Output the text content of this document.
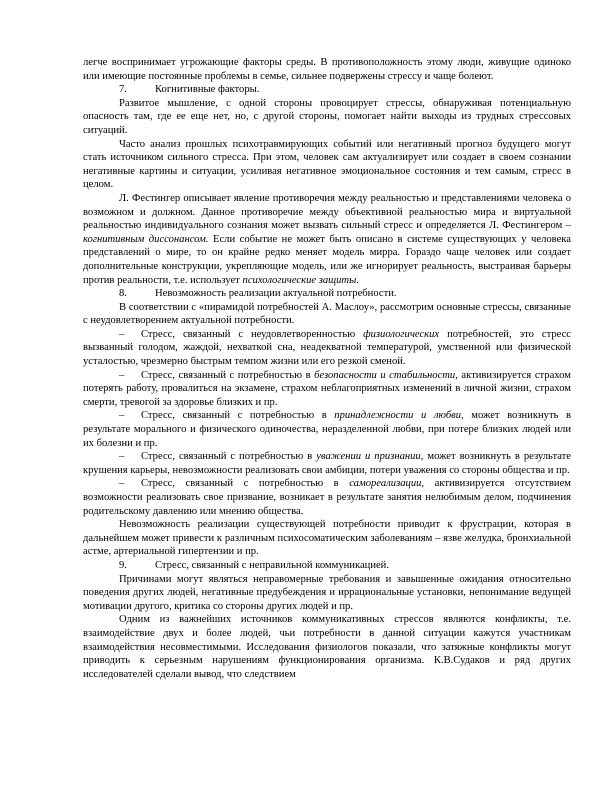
легче воспринимает угрожающие факторы среды. В противоположность этому люди, живущие одиноко или имеющие постоянные проблемы в семье, сильнее подвержены стрессу и чаще болеют.

7.	Когнитивные факторы.

Развитое мышление, с одной стороны провоцирует стрессы, обнаруживая потенциальную опасность там, где ее еще нет, но, с другой стороны, помогает найти выходы из трудных стрессовых ситуаций.

Часто анализ прошлых психотравмирующих событий или негативный прогноз будущего могут стать источником сильного стресса. При этом, человек сам актуализирует или создает в своем сознании негативные картины и ситуации, усиливая негативное эмоциональное состояния и тем самым, стресс в целом.

Л. Фестингер описывает явление противоречия между реальностью и представлениями человека о возможном и должном. Данное противоречие между объективной реальностью мира и виртуальной реальностью индивидуального сознания может вызвать сильный стресс и определяется Л. Фестингером – когнитивным диссонансом. Если событие не может быть описано в системе существующих у человека представлений о мире, то он крайне редко меняет модель мирра. Гораздо чаще человек или создает дополнительные конструкции, укрепляющие модель, или же игнорирует реальность, выстраивая барьеры против реальности, т.е. использует психологические защиты.

8.	Невозможность реализации актуальной потребности.

В соответствии с «пирамидой потребностей А. Маслоу», рассмотрим основные стрессы, связанные с неудовлетворением актуальной потребности.

– Стресс, связанный с неудовлетворенностью физиологических потребностей, это стресс вызванный голодом, жаждой, нехваткой сна, неадекватной температурой, умственной или физической усталостью, чрезмерно быстрым темпом жизни или его резкой сменой.

– Стресс, связанный с потребностью в безопасности и стабильности, активизируется страхом потерять работу, провалиться на экзамене, страхом неблагоприятных изменений в личной жизни, страхом смерти, тревогой за здоровье близких и пр.

– Стресс, связанный с потребностью в принадлежности и любви, может возникнуть в результате морального и физического одиночества, неразделенной любви, при потере близких людей или их болезни и пр.

– Стресс, связанный с потребностью в уважении и признании, может возникнуть в результате крушения карьеры, невозможности реализовать свои амбиции, потери уважения со стороны общества и пр.

– Стресс, связанный с потребностью в самореализации, активизируется отсутствием возможности реализовать свое призвание, возникает в результате занятия нелюбимым делом, подчинения родительскому давлению или мнению общества.

Невозможность реализации существующей потребности приводит к фрустрации, которая в дальнейшем может привести к различным психосоматическим заболеваниям – язве желудка, бронхиальной астме, артериальной гипертензии и пр.

9.	Стресс, связанный с неправильной коммуникацией.

Причинами могут являться неправомерные требования и завышенные ожидания относительно поведения других людей, негативные предубеждения и иррациональные установки, непонимание ведущей мотивации другого, критика со стороны других людей и пр.

Одним из важнейших источников коммуникативных стрессов являются конфликты, т.е. взаимодействие двух и более людей, чьи потребности в данной ситуации кажутся участникам взаимодействия несовместимыми. Исследования физиологов показали, что затяжные конфликты могут приводить к серьезным нарушениям функционирования организма. К.В.Судаков и ряд других исследователей сделали вывод, что следствием
